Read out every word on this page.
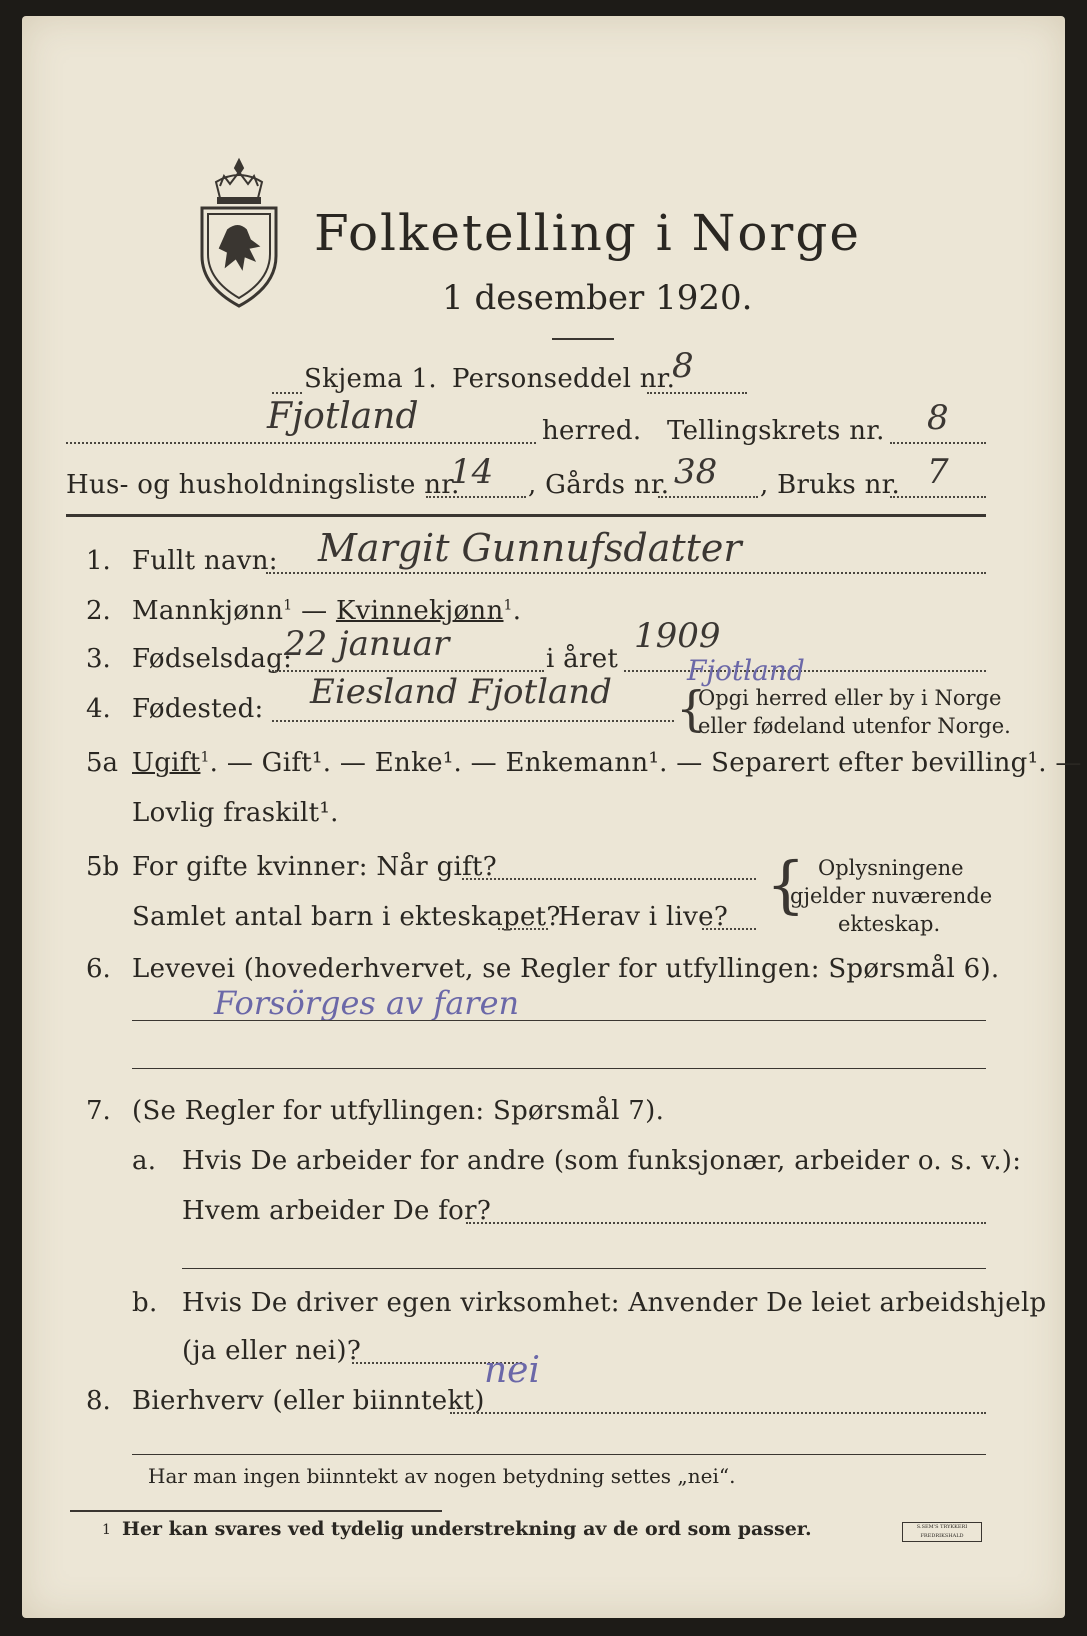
Folketelling i Norge
1 desember 1920.
Skjema 1. Personseddel nr.
8
Fjotland	herred. Tellingskrets nr. 8
Hus- og husholdningsliste nr.
14 , Gårds nr. 38 , Bruks nr. 7
1. Fullt navn: Margit Gunnufsdatter
2. Mannkjønn$^1$ — Kvinnekjønn$^1$.
3. Fødselsdag:
22 januar	i året
1909
4. Fødested: Eiesland Fjotland
Fjotland
{
Opgi herred eller by i Norge
eller fødeland utenfor Norge.
5a Ugift$^1$. — Gift¹. — Enke¹. — Enkemann¹. — Separert efter bevilling¹. —
Lovlig fraskilt¹.
5b For gifte kvinner: Når gift?
Samlet antal barn i ekteskapet?
Herav i live? { Oplysningene
gjelder nuværende
ekteskap.
6. Levevei (hovederhvervet, se Regler for utfyllingen: Spørsmål 6).
Forsörges av faren
7. (Se Regler for utfyllingen: Spørsmål 7).
a. Hvis De arbeider for andre (som funksjonær, arbeider o. s. v.):
Hvem arbeider De for?
b. Hvis De driver egen virksomhet: Anvender De leiet arbeidshjelp
(ja eller nei)?
8. Bierhverv (eller biinntekt)
nei
Har man ingen biinntekt av nogen betydning settes „nei“.
1 Her kan svares ved tydelig understrekning av de ord som passer.	S.SEM'S TRYKKERI FREDRIKSHALD
